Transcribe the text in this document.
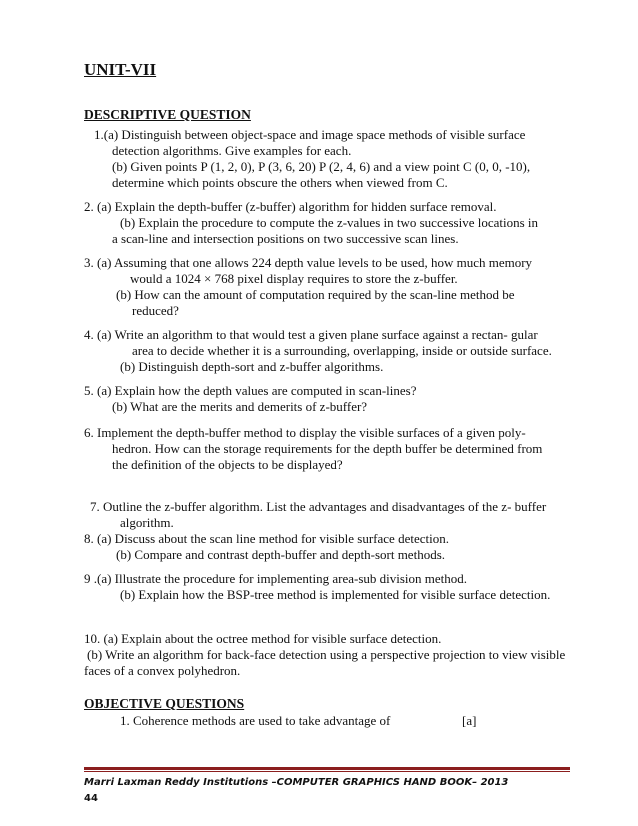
UNIT-VII
DESCRIPTIVE QUESTION
1.(a) Distinguish between object-space and image space methods of visible surface
detection algorithms. Give examples for each.
(b) Given points P (1, 2, 0), P (3, 6, 20) P (2, 4, 6) and a view point C (0, 0, -10),
determine which points obscure the others when viewed from C.
2. (a) Explain the depth-buffer (z-buffer) algorithm for hidden surface removal.
(b) Explain the procedure to compute the z-values in two successive locations in
a scan-line and intersection positions on two successive scan lines.
3. (a) Assuming that one allows 224 depth value levels to be used, how much memory
would a 1024 × 768 pixel display requires to store the z-buffer.
(b) How can the amount of computation required by the scan-line method be
reduced?
4. (a) Write an algorithm to that would test a given plane surface against a rectan- gular
area to decide whether it is a surrounding, overlapping, inside or outside surface.
(b) Distinguish depth-sort and z-buffer algorithms.
5. (a) Explain how the depth values are computed in scan-lines?
(b) What are the merits and demerits of z-buffer?
6. Implement the depth-buffer method to display the visible surfaces of a given poly-
hedron. How can the storage requirements for the depth buffer be determined from
the definition of the objects to be displayed?
7. Outline the z-buffer algorithm. List the advantages and disadvantages of the z- buffer
algorithm.
8. (a) Discuss about the scan line method for visible surface detection.
(b) Compare and contrast depth-buffer and depth-sort methods.
9 .(a) Illustrate the procedure for implementing area-sub division method.
(b) Explain how the BSP-tree method is implemented for visible surface detection.
10. (a) Explain about the octree method for visible surface detection.
(b) Write an algorithm for back-face detection using a perspective projection to view visible
faces of a convex polyhedron.
OBJECTIVE QUESTIONS
1. Coherence methods are used to take advantage of	[a]
Marri Laxman Reddy Institutions –COMPUTER GRAPHICS HAND BOOK– 2013
44
